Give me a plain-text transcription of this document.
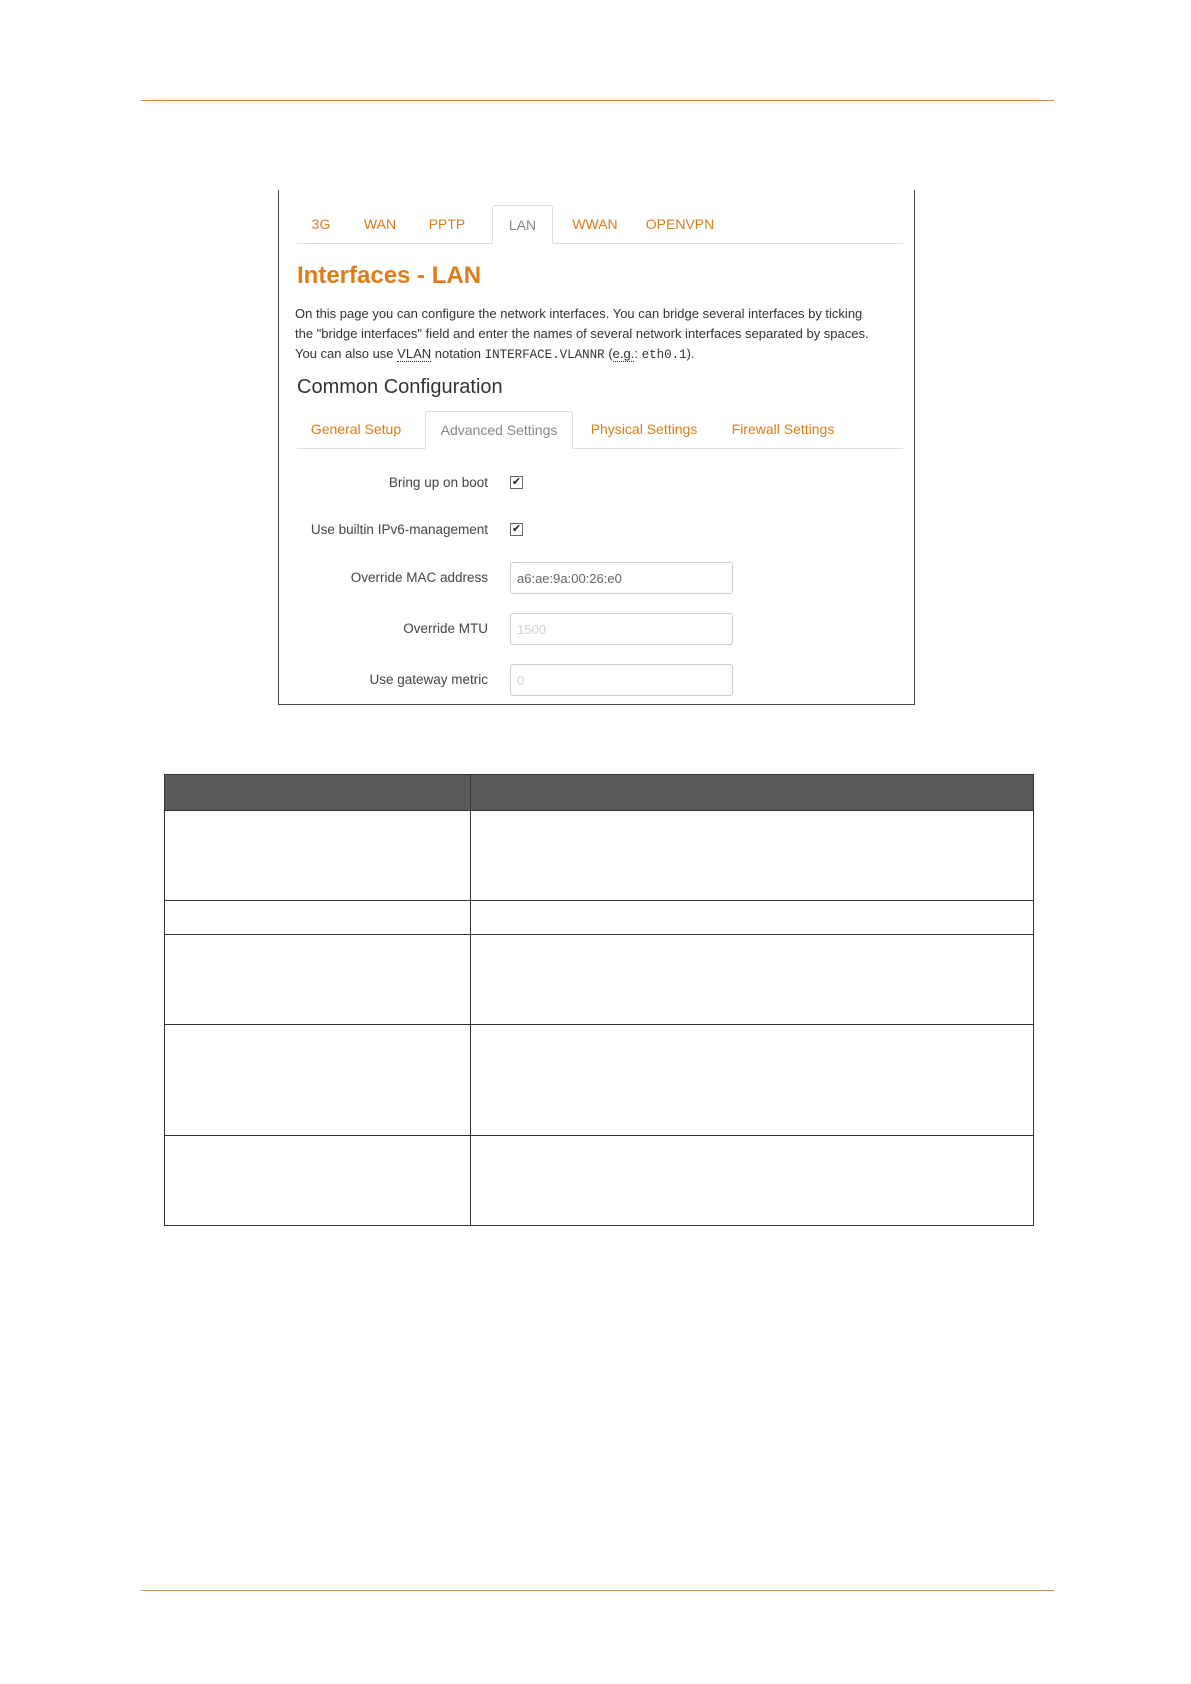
3G	WAN	PPTP	LAN	WWAN	OPENVPN
Interfaces - LAN
On this page you can configure the network interfaces. You can bridge several interfaces by ticking
the "bridge interfaces" field and enter the names of several network interfaces separated by spaces.
You can also use VLAN notation INTERFACE.VLANNR (e.g.: eth0.1).
Common Configuration
General Setup	Advanced Settings	Physical Settings	Firewall Settings
Bring up on boot ✔
Use builtin IPv6-management ✔
Override MAC address
a6:ae:9a:00:26:e0
Override MTU
1500
Use gateway metric
0
